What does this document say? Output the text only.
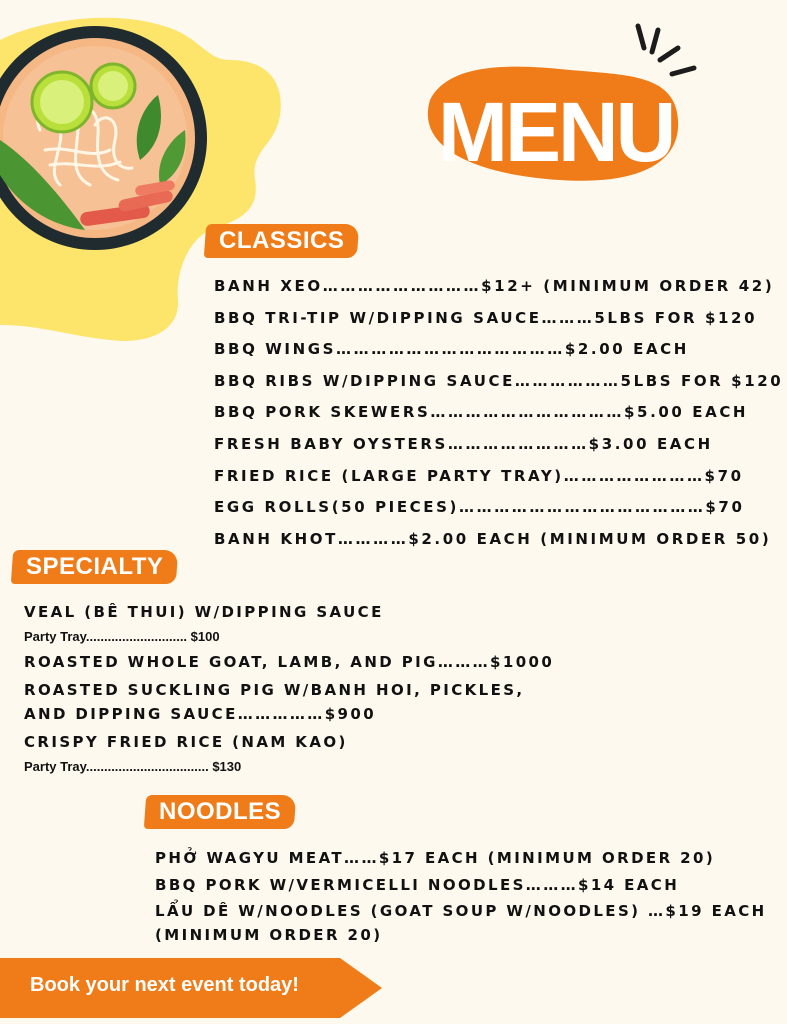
MENU
CLASSICS
BANH XEO………………………$12+ (MINIMUM ORDER 42)
BBQ TRI-TIP W/DIPPING SAUCE………5LBS FOR $120
BBQ WINGS…………………………………$2.00 EACH
BBQ RIBS W/DIPPING SAUCE………………5LBS FOR $120
BBQ PORK SKEWERS……………………………$5.00 EACH
FRESH BABY OYSTERS……………………$3.00 EACH
FRIED RICE (LARGE PARTY TRAY)……………………$70
EGG ROLLS(50 PIECES)……………………………………$70
BANH KHOT…………$2.00 EACH (MINIMUM ORDER 50)
SPECIALTY
VEAL (BÊ THUI) W/DIPPING SAUCE
Party Tray............................ $100
ROASTED WHOLE GOAT, LAMB, AND PIG………$1000
ROASTED SUCKLING PIG W/BANH HOI, PICKLES,
AND DIPPING SAUCE……………$900
CRISPY FRIED RICE (NAM KAO)
Party Tray.................................. $130
NOODLES
PHỞ WAGYU MEAT……$17 EACH (MINIMUM ORDER 20)
BBQ PORK W/VERMICELLI NOODLES………$14 EACH
LẨU DÊ W/NOODLES (GOAT SOUP W/NOODLES) …$19 EACH
(MINIMUM ORDER 20)
Book your next event today!
